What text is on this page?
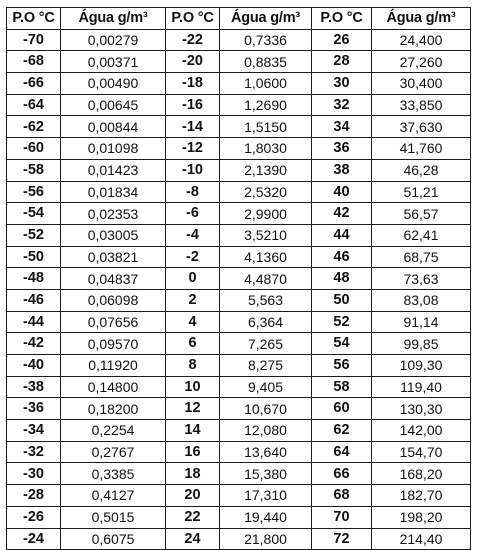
P.O °C	Água g/m³	P.O °C	Água g/m³	P.O °C	Água g/m³
-70	0,00279	-22	0,7336	26	24,400
-68	0,00371	-20	0,8835	28	27,260
-66	0,00490	-18	1,0600	30	30,400
-64	0,00645	-16	1,2690	32	33,850
-62	0,00844	-14	1,5150	34	37,630
-60	0,01098	-12	1,8030	36	41,760
-58	0,01423	-10	2,1390	38	46,28
-56	0,01834	-8	2,5320	40	51,21
-54	0,02353	-6	2,9900	42	56,57
-52	0,03005	-4	3,5210	44	62,41
-50	0,03821	-2	4,1360	46	68,75
-48	0,04837	0	4,4870	48	73,63
-46	0,06098	2	5,563	50	83,08
-44	0,07656	4	6,364	52	91,14
-42	0,09570	6	7,265	54	99,85
-40	0,11920	8	8,275	56	109,30
-38	0,14800	10	9,405	58	119,40
-36	0,18200	12	10,670	60	130,30
-34	0,2254	14	12,080	62	142,00
-32	0,2767	16	13,640	64	154,70
-30	0,3385	18	15,380	66	168,20
-28	0,4127	20	17,310	68	182,70
-26	0,5015	22	19,440	70	198,20
-24	0,6075	24	21,800	72	214,40
